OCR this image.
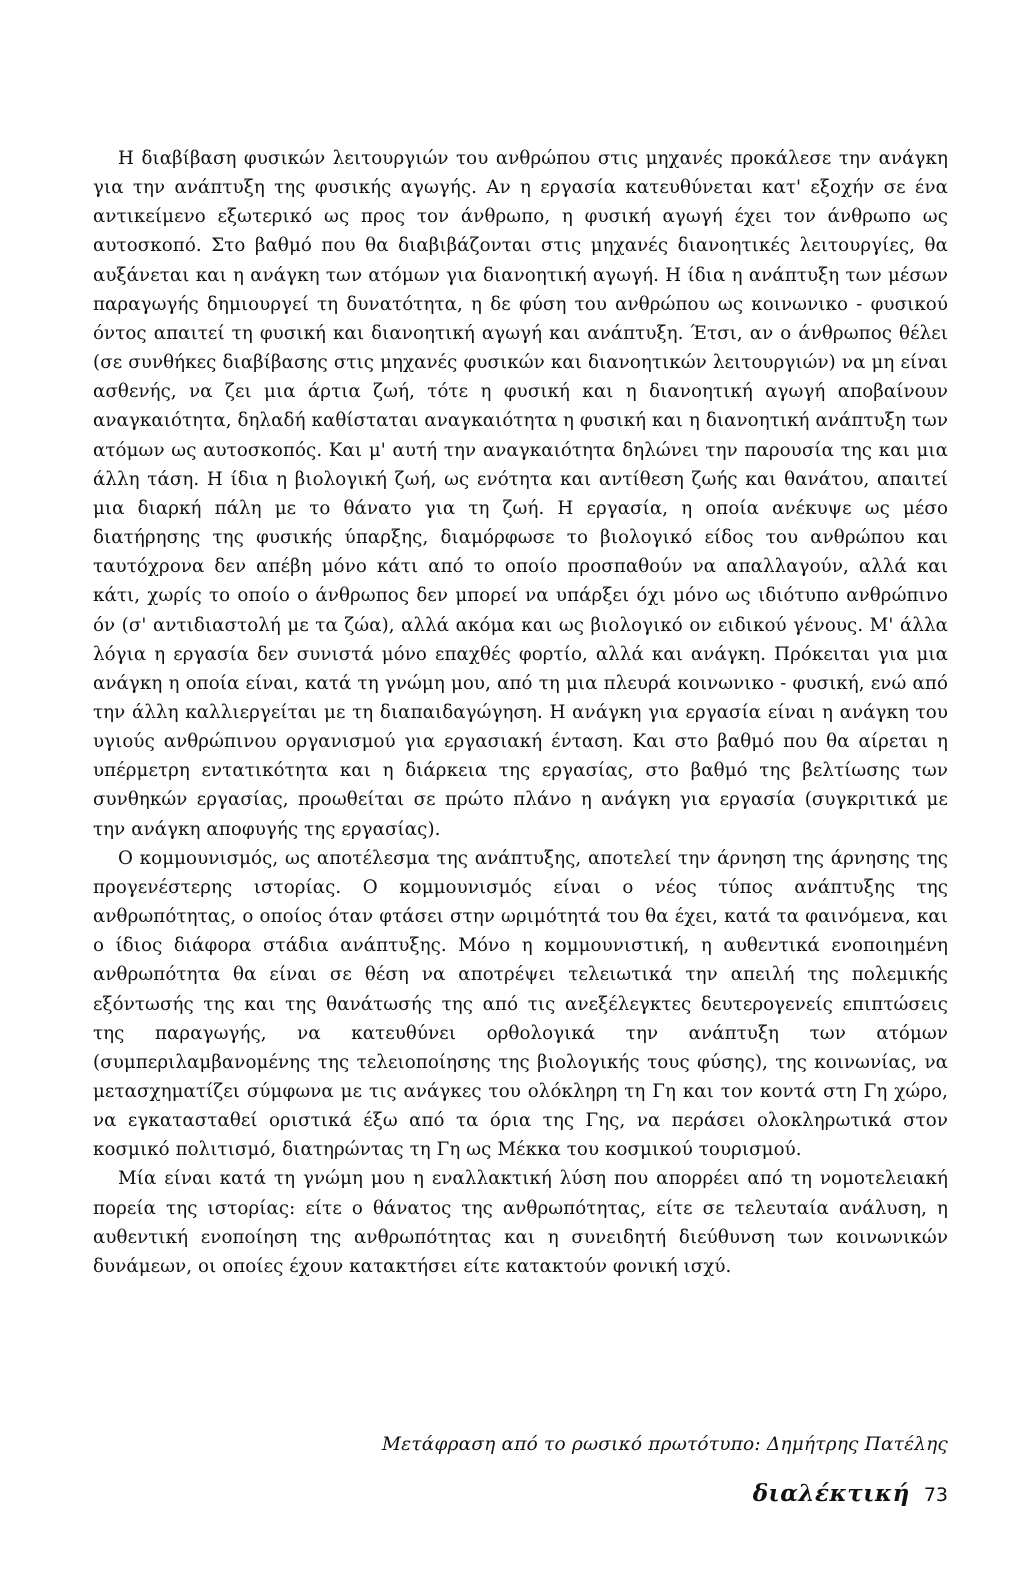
Η διαβίβαση φυσικών λειτουργιών του ανθρώπου στις μηχανές προκάλεσε την ανάγκη για την ανάπτυξη της φυσικής αγωγής. Αν η εργασία κατευθύνεται κατ' εξοχήν σε ένα αντικείμενο εξωτερικό ως προς τον άνθρωπο, η φυσική αγωγή έχει τον άνθρωπο ως αυτοσκοπό. Στο βαθμό που θα διαβιβάζονται στις μηχανές διανοητικές λειτουργίες, θα αυξάνεται και η ανάγκη των ατόμων για διανοητική αγωγή. Η ίδια η ανάπτυξη των μέσων παραγωγής δημιουργεί τη δυνατότητα, η δε φύση του ανθρώπου ως κοινωνικο - φυσικού όντος απαιτεί τη φυσική και διανοητική αγωγή και ανάπτυξη. Έτσι, αν ο άνθρωπος θέλει (σε συνθήκες διαβίβασης στις μηχανές φυσικών και διανοητικών λειτουργιών) να μη είναι ασθενής, να ζει μια άρτια ζωή, τότε η φυσική και η διανοητική αγωγή αποβαίνουν αναγκαιότητα, δηλαδή καθίσταται αναγκαιότητα η φυσική και η διανοητική ανάπτυξη των ατόμων ως αυτοσκοπός. Και μ' αυτή την αναγκαιότητα δηλώνει την παρουσία της και μια άλλη τάση. Η ίδια η βιολογική ζωή, ως ενότητα και αντίθεση ζωής και θανάτου, απαιτεί μια διαρκή πάλη με το θάνατο για τη ζωή. Η εργασία, η οποία ανέκυψε ως μέσο διατήρησης της φυσικής ύπαρξης, διαμόρφωσε το βιολογικό είδος του ανθρώπου και ταυτόχρονα δεν απέβη μόνο κάτι από το οποίο προσπαθούν να απαλλαγούν, αλλά και κάτι, χωρίς το οποίο ο άνθρωπος δεν μπορεί να υπάρξει όχι μόνο ως ιδιότυπο ανθρώπινο όν (σ' αντιδιαστολή με τα ζώα), αλλά ακόμα και ως βιολογικό ον ειδικού γένους. Μ' άλλα λόγια η εργασία δεν συνιστά μόνο επαχθές φορτίο, αλλά και ανάγκη. Πρόκειται για μια ανάγκη η οποία είναι, κατά τη γνώμη μου, από τη μια πλευρά κοινωνικο - φυσική, ενώ από την άλλη καλλιεργείται με τη διαπαιδαγώγηση. Η ανάγκη για εργασία είναι η ανάγκη του υγιούς ανθρώπινου οργανισμού για εργασιακή ένταση. Και στο βαθμό που θα αίρεται η υπέρμετρη εντατικότητα και η διάρκεια της εργασίας, στο βαθμό της βελτίωσης των συνθηκών εργασίας, προωθείται σε πρώτο πλάνο η ανάγκη για εργασία (συγκριτικά με την ανάγκη αποφυγής της εργασίας).

Ο κομμουνισμός, ως αποτέλεσμα της ανάπτυξης, αποτελεί την άρνηση της άρνησης της προγενέστερης ιστορίας. Ο κομμουνισμός είναι ο νέος τύπος ανάπτυξης της ανθρωπότητας, ο οποίος όταν φτάσει στην ωριμότητά του θα έχει, κατά τα φαινόμενα, και ο ίδιος διάφορα στάδια ανάπτυξης. Μόνο η κομμουνιστική, η αυθεντικά ενοποιημένη ανθρωπότητα θα είναι σε θέση να αποτρέψει τελειωτικά την απειλή της πολεμικής εξόντωσής της και της θανάτωσής της από τις ανεξέλεγκτες δευτερογενείς επιπτώσεις της παραγωγής, να κατευθύνει ορθολογικά την ανάπτυξη των ατόμων (συμπεριλαμβανομένης της τελειοποίησης της βιολογικής τους φύσης), της κοινωνίας, να μετασχηματίζει σύμφωνα με τις ανάγκες του ολόκληρη τη Γη και τον κοντά στη Γη χώρο, να εγκατασταθεί οριστικά έξω από τα όρια της Γης, να περάσει ολοκληρωτικά στον κοσμικό πολιτισμό, διατηρώντας τη Γη ως Μέκκα του κοσμικού τουρισμού.

Μία είναι κατά τη γνώμη μου η εναλλακτική λύση που απορρέει από τη νομοτελειακή πορεία της ιστορίας: είτε ο θάνατος της ανθρωπότητας, είτε σε τελευταία ανάλυση, η αυθεντική ενοποίηση της ανθρωπότητας και η συνειδητή διεύθυνση των κοινωνικών δυνάμεων, οι οποίες έχουν κατακτήσει είτε κατακτούν φονική ισχύ.

Μετάφραση από το ρωσικό πρωτότυπο: Δημήτρης Πατέλης
διαλέκτική 73
